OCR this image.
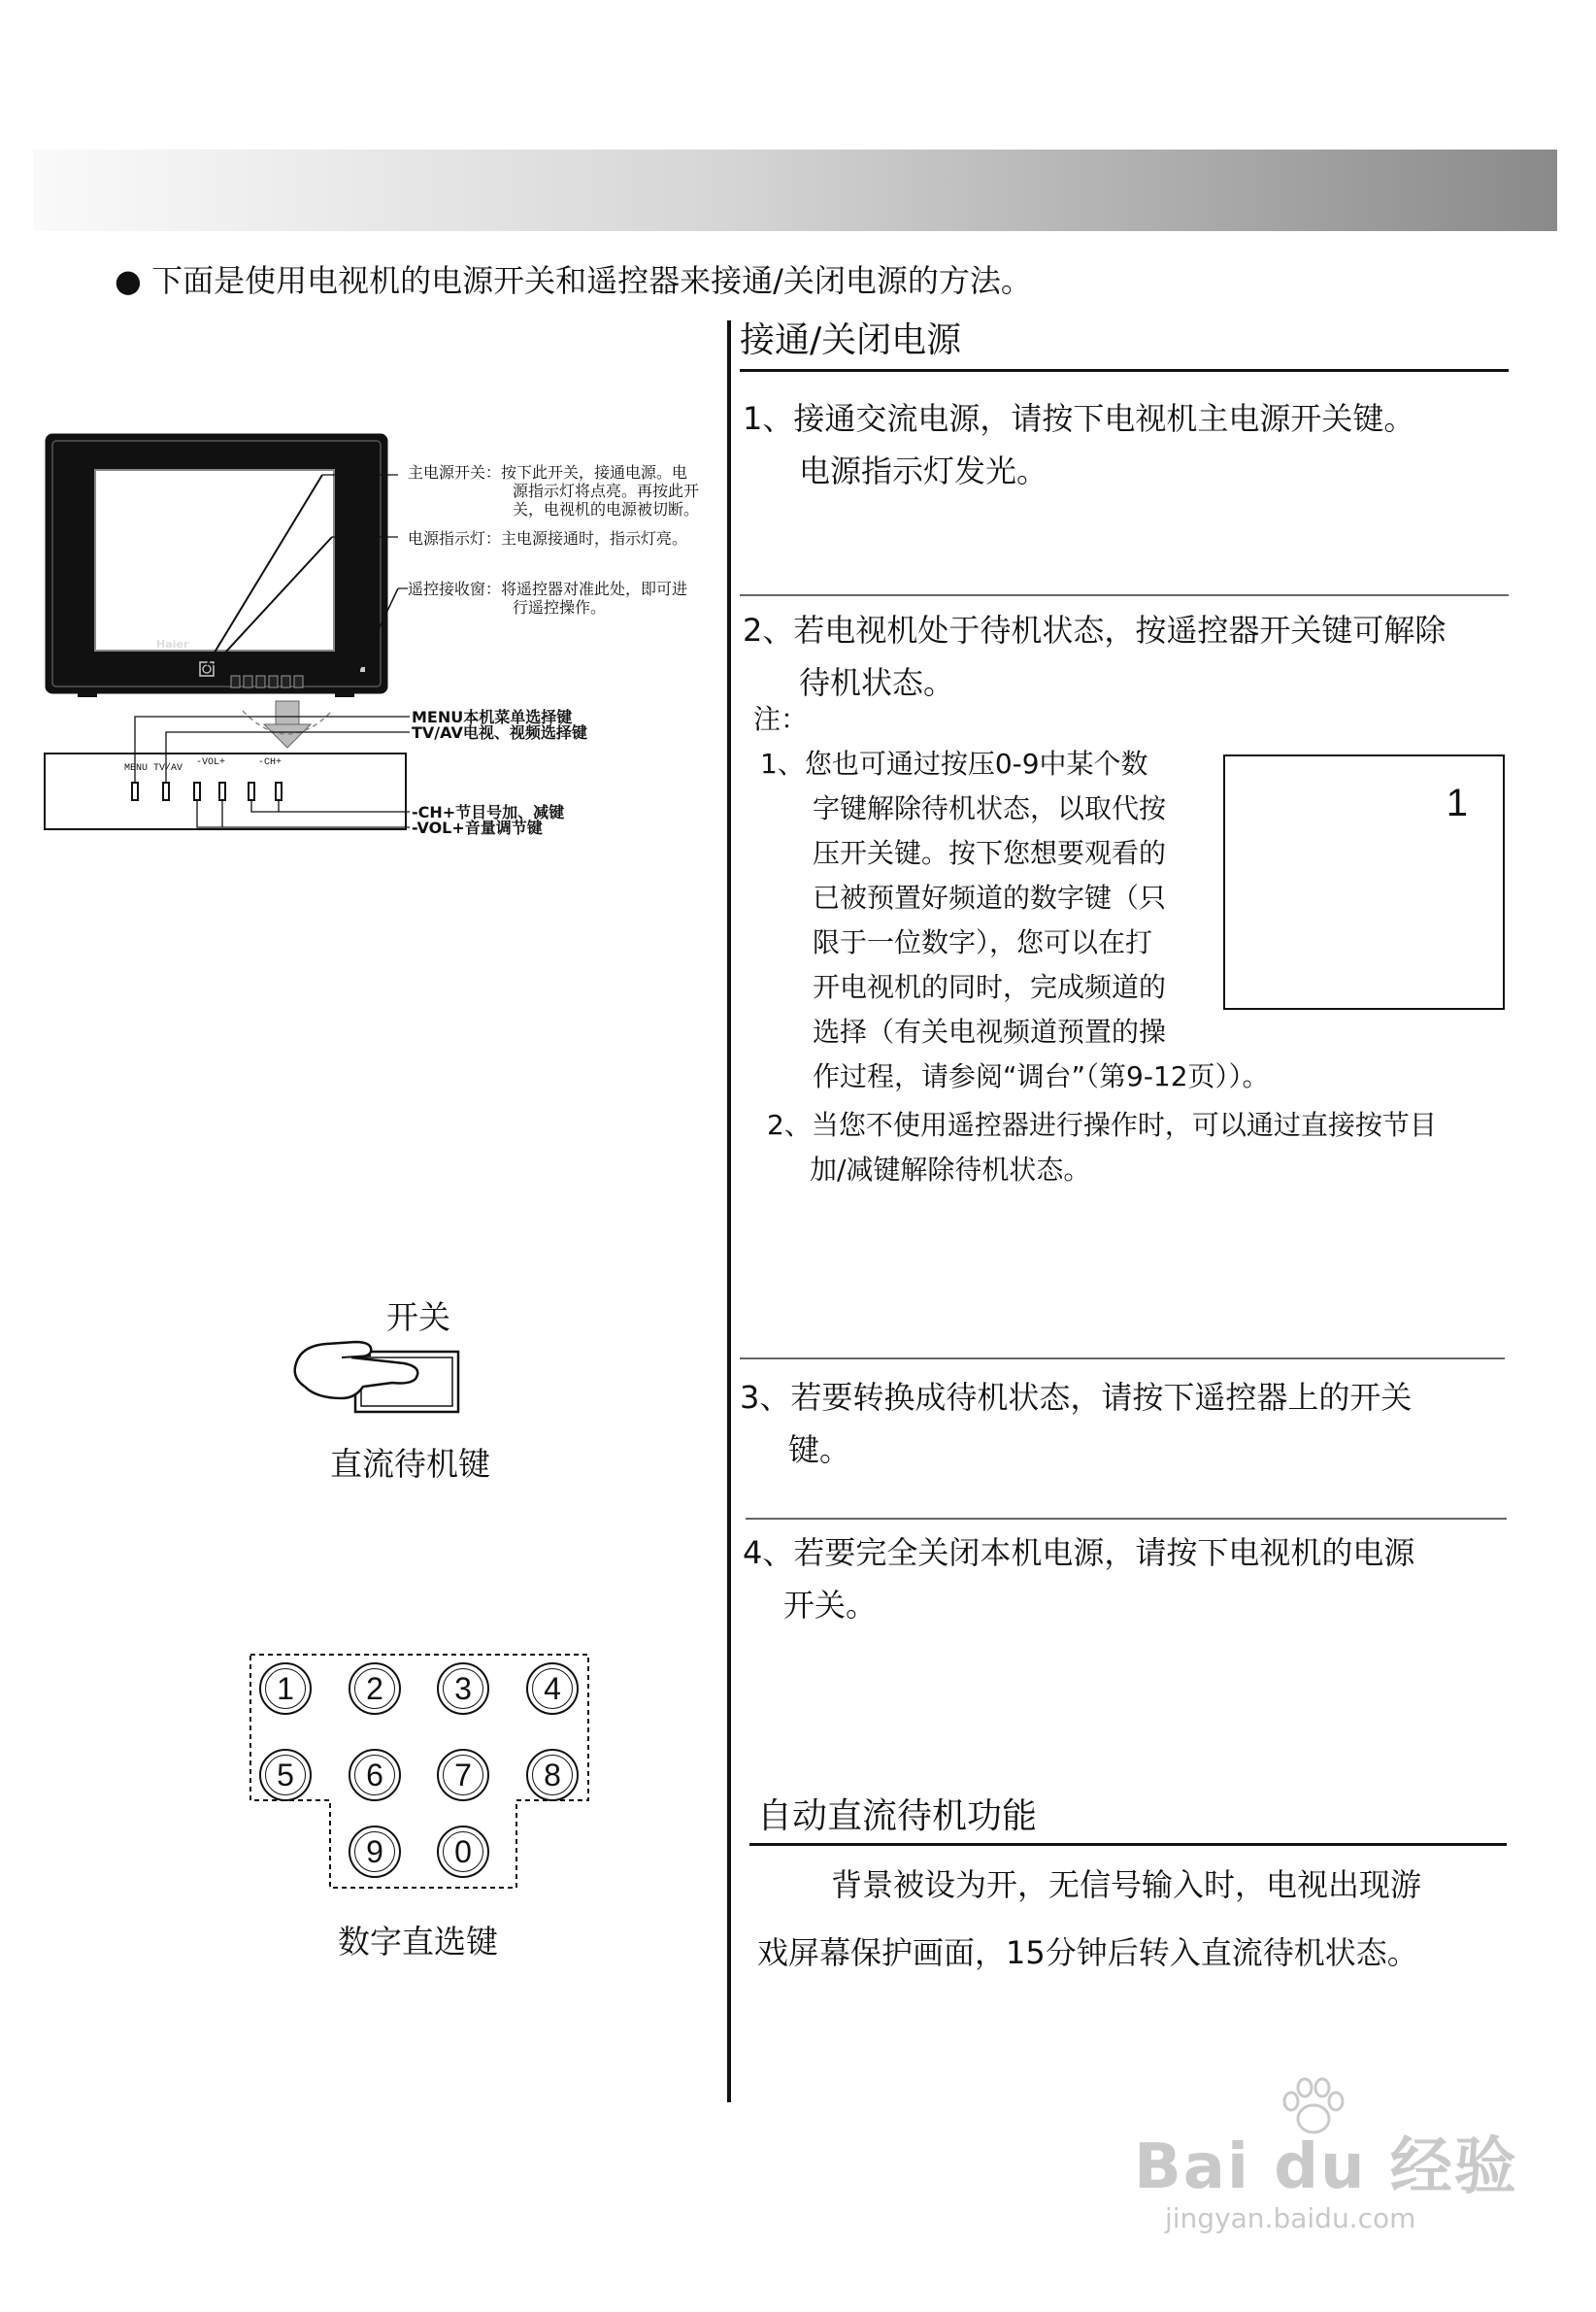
● 下面是使用电视机的电源开关和遥控器来接通/关闭电源的方法。
接通/关闭电源
1、接通交流电源，请按下电视机主电源开关键。
电源指示灯发光。
2、若电视机处于待机状态，按遥控器开关键可解除
待机状态。
注：
1、您也可通过按压0-9中某个数
字键解除待机状态，以取代按
压开关键。按下您想要观看的
已被预置好频道的数字键（只
限于一位数字），您可以在打
开电视机的同时，完成频道的
选择（有关电视频道预置的操
作过程，请参阅“调台”（第9-12页））。
1
2、当您不使用遥控器进行操作时，可以通过直接按节目
加/减键解除待机状态。
3、若要转换成待机状态，请按下遥控器上的开关
键。
4、若要完全关闭本机电源，请按下电视机的电源
开关。
自动直流待机功能
背景被设为开，无信号输入时，电视出现游
戏屏幕保护画面，15分钟后转入直流待机状态。
Haier
主电源开关：按下此开关，接通电源。电
源指示灯将点亮。再按此开
关，电视机的电源被切断。
电源指示灯：主电源接通时，指示灯亮。
遥控接收窗：将遥控器对准此处，即可进
行遥控操作。
MENU本机菜单选择键
TV/AV电视、视频选择键
-CH+节目号加、减键
-VOL+音量调节键
MENU TV/AV
-VOL+	-CH+
开关
直流待机键
1 2 3 4
5 6 7 8
9 0
数字直选键
Bai du 经验
jingyan.baidu.com
